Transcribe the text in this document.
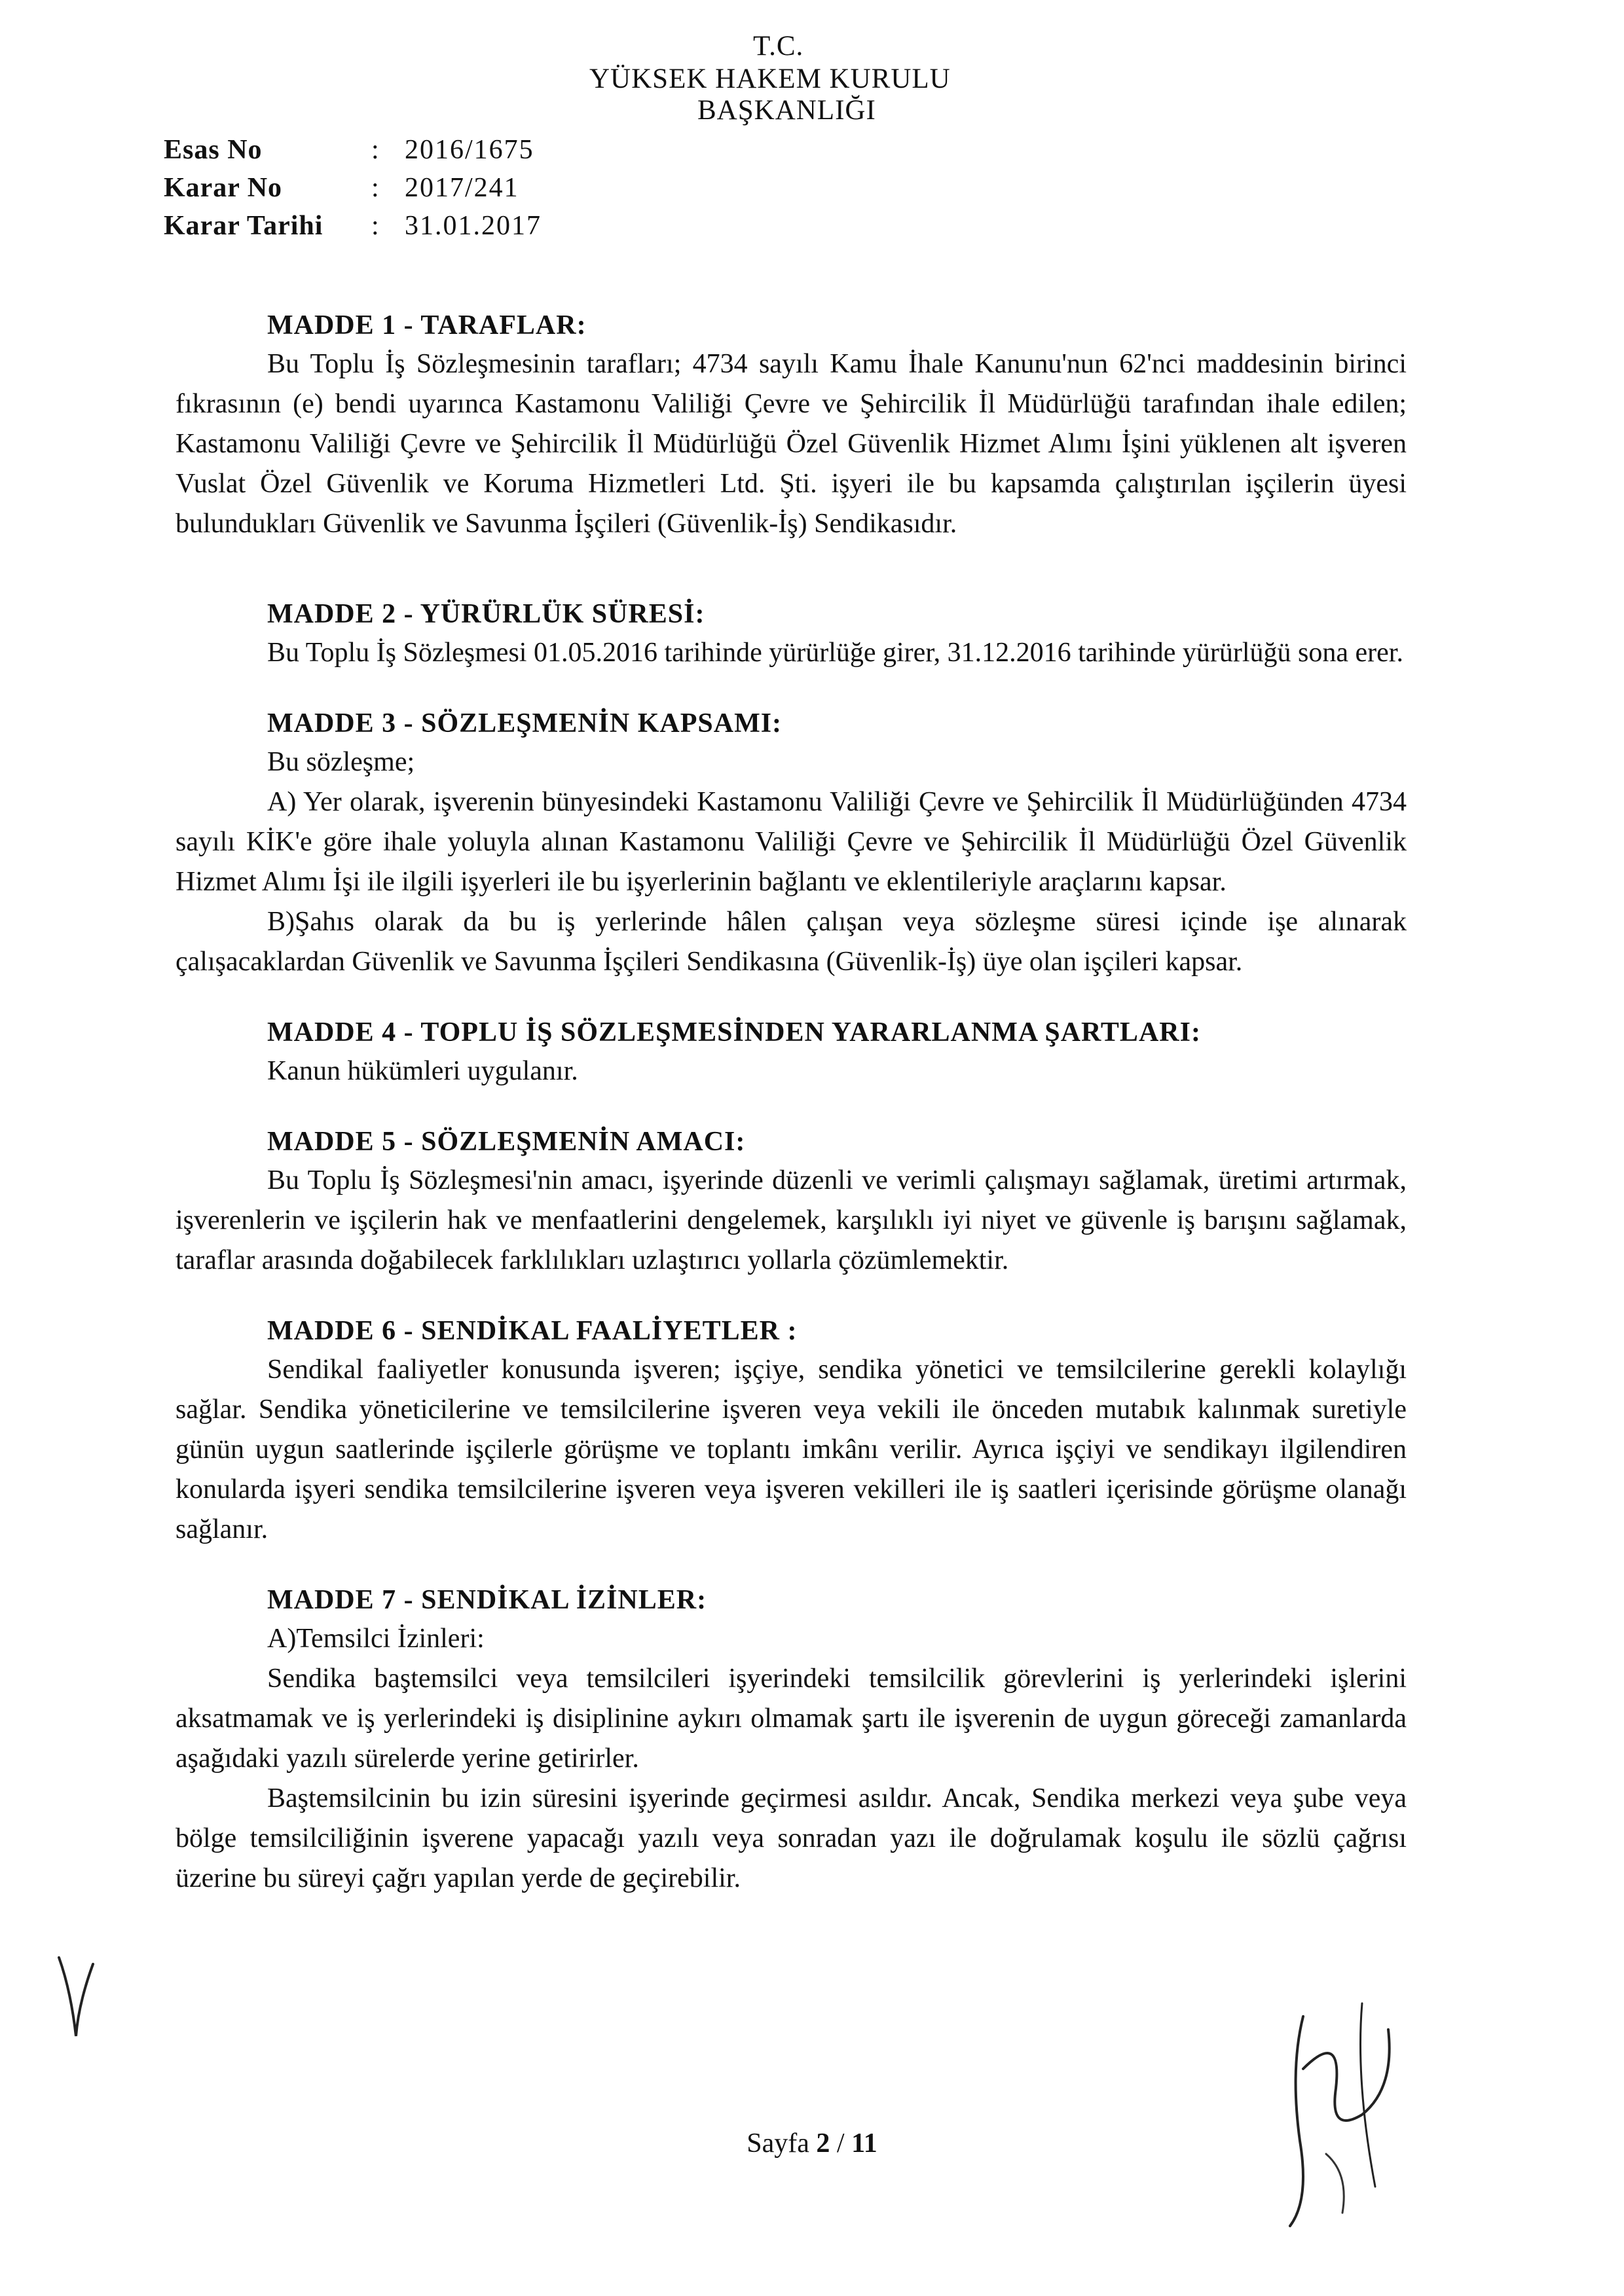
T.C.
YÜKSEK HAKEM KURULU
BAŞKANLIĞI
Esas No	: 2016/1675
Karar No	: 2017/241
Karar Tarihi : 31.01.2017
MADDE 1 - TARAFLAR:

Bu Toplu İş Sözleşmesinin tarafları; 4734 sayılı Kamu İhale Kanunu'nun 62'nci maddesinin birinci fıkrasının (e) bendi uyarınca Kastamonu Valiliği Çevre ve Şehircilik İl Müdürlüğü tarafından ihale edilen; Kastamonu Valiliği Çevre ve Şehircilik İl Müdürlüğü Özel Güvenlik Hizmet Alımı İşini yüklenen alt işveren Vuslat Özel Güvenlik ve Koruma Hizmetleri Ltd. Şti. işyeri ile bu kapsamda çalıştırılan işçilerin üyesi bulundukları Güvenlik ve Savunma İşçileri (Güvenlik-İş) Sendikasıdır.

MADDE 2 - YÜRÜRLÜK SÜRESİ:

Bu Toplu İş Sözleşmesi 01.05.2016 tarihinde yürürlüğe girer, 31.12.2016 tarihinde yürürlüğü sona erer.

MADDE 3 - SÖZLEŞMENİN KAPSAMI:

Bu sözleşme;

A) Yer olarak, işverenin bünyesindeki Kastamonu Valiliği Çevre ve Şehircilik İl Müdürlüğünden 4734 sayılı KİK'e göre ihale yoluyla alınan Kastamonu Valiliği Çevre ve Şehircilik İl Müdürlüğü Özel Güvenlik Hizmet Alımı İşi ile ilgili işyerleri ile bu işyerlerinin bağlantı ve eklentileriyle araçlarını kapsar.

B)Şahıs olarak da bu iş yerlerinde hâlen çalışan veya sözleşme süresi içinde işe alınarak çalışacaklardan Güvenlik ve Savunma İşçileri Sendikasına (Güvenlik-İş) üye olan işçileri kapsar.

MADDE 4 - TOPLU İŞ SÖZLEŞMESİNDEN YARARLANMA ŞARTLARI:

Kanun hükümleri uygulanır.

MADDE 5 - SÖZLEŞMENİN AMACI:

Bu Toplu İş Sözleşmesi'nin amacı, işyerinde düzenli ve verimli çalışmayı sağlamak, üretimi artırmak, işverenlerin ve işçilerin hak ve menfaatlerini dengelemek, karşılıklı iyi niyet ve güvenle iş barışını sağlamak, taraflar arasında doğabilecek farklılıkları uzlaştırıcı yollarla çözümlemektir.

MADDE 6 - SENDİKAL FAALİYETLER :

Sendikal faaliyetler konusunda işveren; işçiye, sendika yönetici ve temsilcilerine gerekli kolaylığı sağlar. Sendika yöneticilerine ve temsilcilerine işveren veya vekili ile önceden mutabık kalınmak suretiyle günün uygun saatlerinde işçilerle görüşme ve toplantı imkânı verilir. Ayrıca işçiyi ve sendikayı ilgilendiren konularda işyeri sendika temsilcilerine işveren veya işveren vekilleri ile iş saatleri içerisinde görüşme olanağı sağlanır.

MADDE 7 - SENDİKAL İZİNLER:

A)Temsilci İzinleri:

Sendika baştemsilci veya temsilcileri işyerindeki temsilcilik görevlerini iş yerlerindeki işlerini aksatmamak ve iş yerlerindeki iş disiplinine aykırı olmamak şartı ile işverenin de uygun göreceği zamanlarda aşağıdaki yazılı sürelerde yerine getirirler.

Baştemsilcinin bu izin süresini işyerinde geçirmesi asıldır. Ancak, Sendika merkezi veya şube veya bölge temsilciliğinin işverene yapacağı yazılı veya sonradan yazı ile doğrulamak koşulu ile sözlü çağrısı üzerine bu süreyi çağrı yapılan yerde de geçirebilir.

Sayfa 2 / 11
